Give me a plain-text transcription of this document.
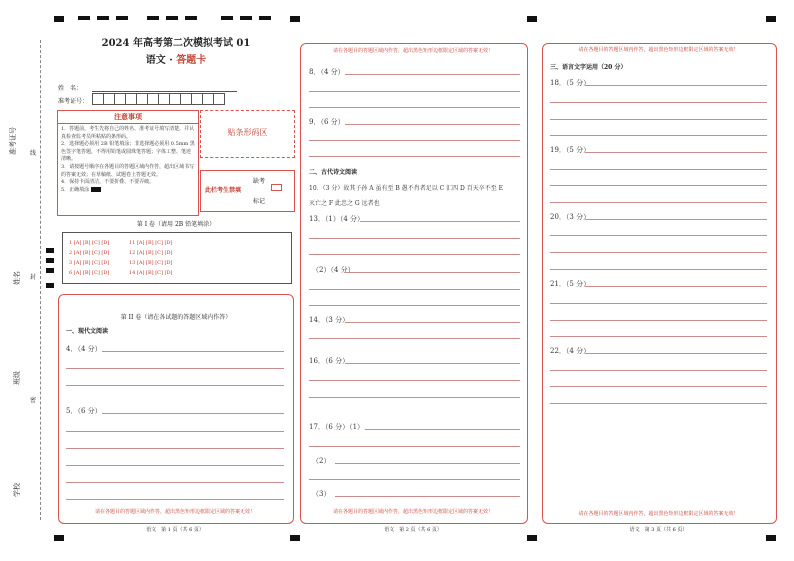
准考证号 线
姓名 封
班级
密
学校
2024 年高考第二次模拟考试 01
语文 · 答题卡
姓　名：
准考证号：
注意事项
1．答题前，考生先将自己的姓名、准考证号填写清楚，并认真检查监考员所粘贴的条形码。
2．选择题必须用 2B 铅笔填涂；非选择题必须用 0.5mm 黑色签字笔答题，不得用铅笔或圆珠笔答题；字体工整、笔迹清晰。
3．请按题号顺序在各题目的答题区域内作答，超出区域书写的答案无效；在草稿纸、试题卷上答题无效。
4．保持卡面清洁，不要折叠、不要弄破。
5．正确填涂
贴条形码区
此栏考生禁填
缺考
标记
第 I 卷（请用 2B 铅笔填涂）
1 [A] [B] [C] [D]
2 [A] [B] [C] [D]
3 [A] [B] [C] [D]
6 [A] [B] [C] [D]
11 [A] [B] [C] [D]
12 [A] [B] [C] [D]
13 [A] [B] [C] [D]
14 [A] [B] [C] [D]
第 II 卷（请在各试题的答题区域内作答）
一、现代文阅读
4．（4 分）
5．（6 分）
请在各题目的答题区域内作答，超出黑色矩形边框限定区域的答案无效！
语文　第 1 页（共 6 页）
请在各题目的答题区域内作答，超出黑色矩形边框限定区域的答案无效！
8．（4 分）
9．（6 分）
二、古代诗文阅读
10．（3 分）故其子孙 A 虽有至 B 愚不肖者足以 C 汇四 D 百天卒不至 E
灭亡之 F 此忠之 G 远者也
13．（1）（4 分）
（2）（4 分）
14．（3 分）
16．（6 分）
17．（6 分）（1）
（2）
（3）
请在各题目的答题区域内作答，超出黑色矩形边框限定区域的答案无效！
语文　第 2 页（共 6 页）
请在各题目的答题区域内作答，超出黑色矩形边框限定区域的答案无效！
三、语言文字运用（20 分）
18．（5 分）
19．（5 分）
20．（3 分）
21．（5 分）
22．（4 分）
请在各题目的答题区域内作答，超出黑色矩形边框限定区域的答案无效！
语文　第 3 页（共 6 页）
